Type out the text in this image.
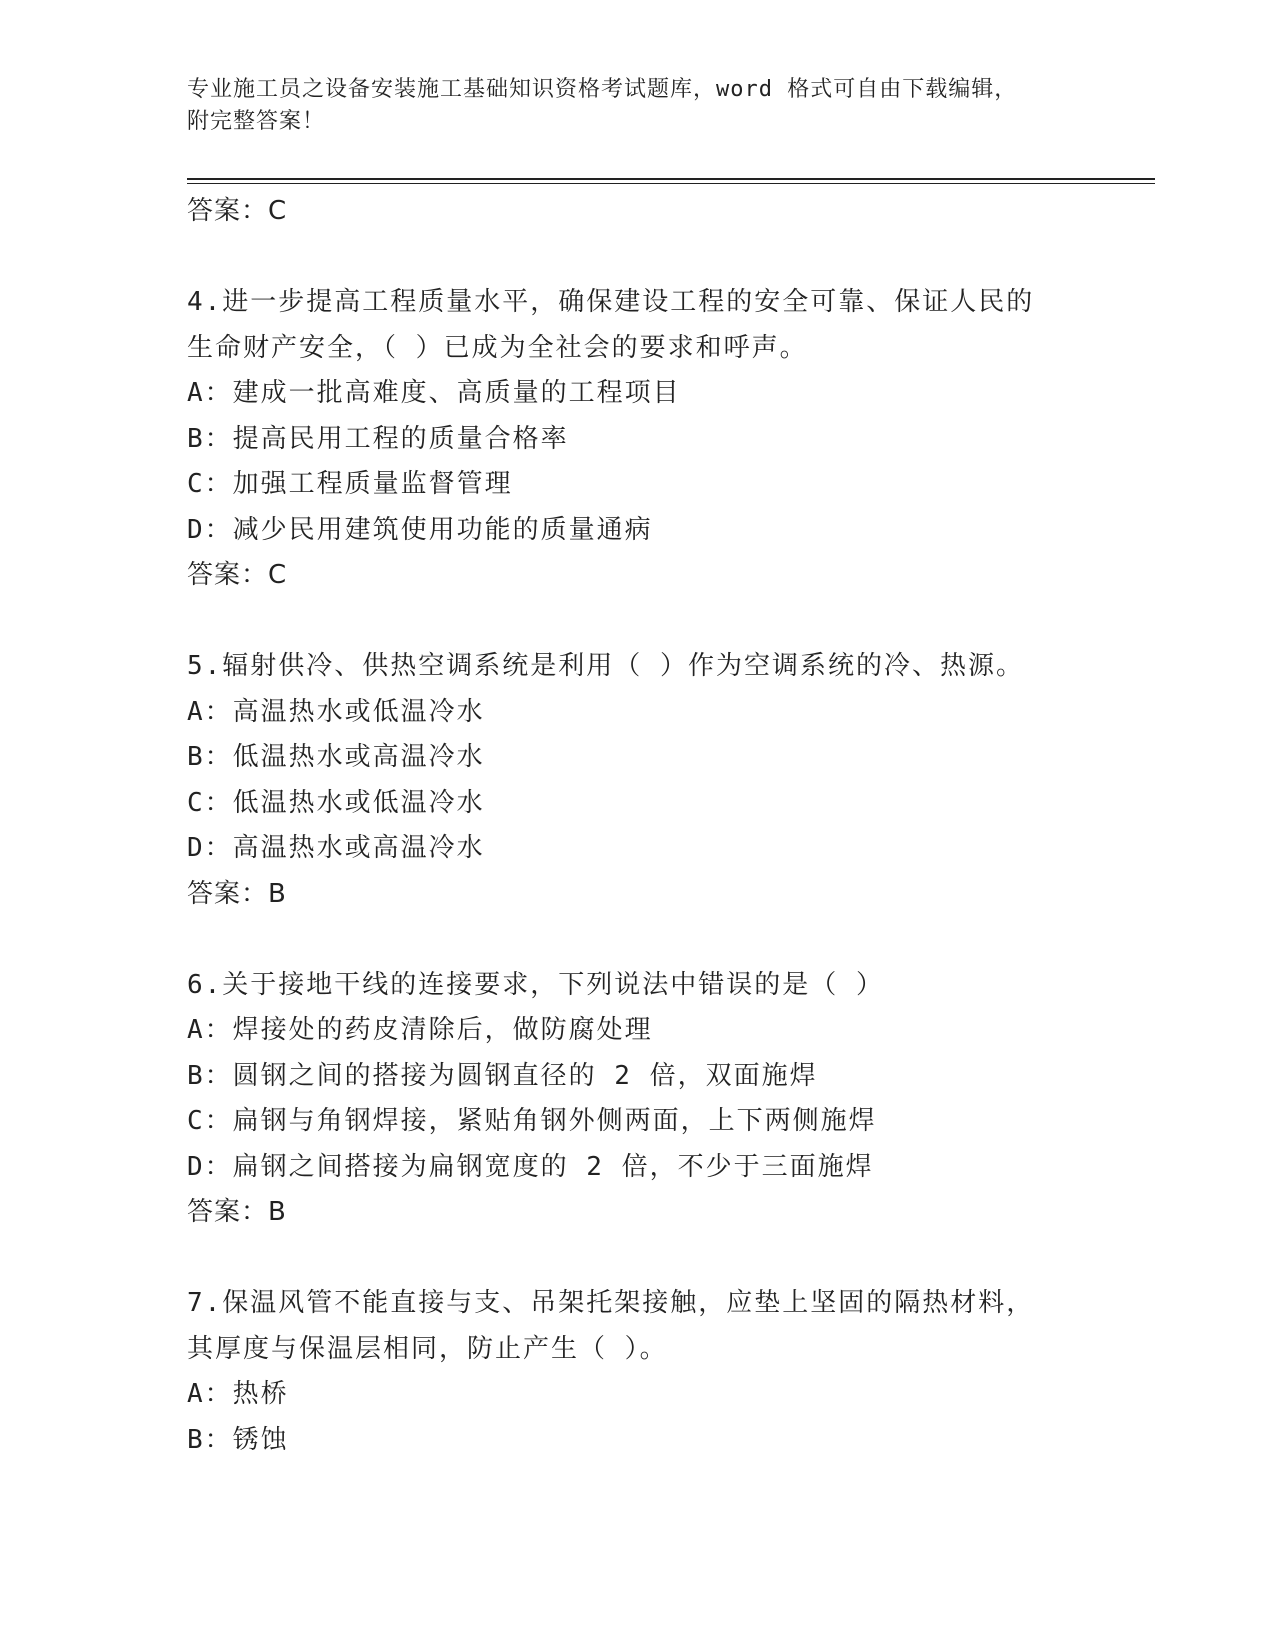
专业施工员之设备安装施工基础知识资格考试题库，word 格式可自由下载编辑，
附完整答案！
答案：C
4.进一步提高工程质量水平，确保建设工程的安全可靠、保证人民的
生命财产安全，（ ）已成为全社会的要求和呼声。
A：建成一批高难度、高质量的工程项目
B：提高民用工程的质量合格率
C：加强工程质量监督管理
D：减少民用建筑使用功能的质量通病
答案：C
5.辐射供冷、供热空调系统是利用（ ）作为空调系统的冷、热源。
A：高温热水或低温冷水
B：低温热水或高温冷水
C：低温热水或低温冷水
D：高温热水或高温冷水
答案：B
6.关于接地干线的连接要求，下列说法中错误的是（ ）
A：焊接处的药皮清除后，做防腐处理
B：圆钢之间的搭接为圆钢直径的 2 倍，双面施焊
C：扁钢与角钢焊接，紧贴角钢外侧两面，上下两侧施焊
D：扁钢之间搭接为扁钢宽度的 2 倍，不少于三面施焊
答案：B
7.保温风管不能直接与支、吊架托架接触，应垫上坚固的隔热材料，
其厚度与保温层相同，防止产生（ ）。
A：热桥
B：锈蚀
